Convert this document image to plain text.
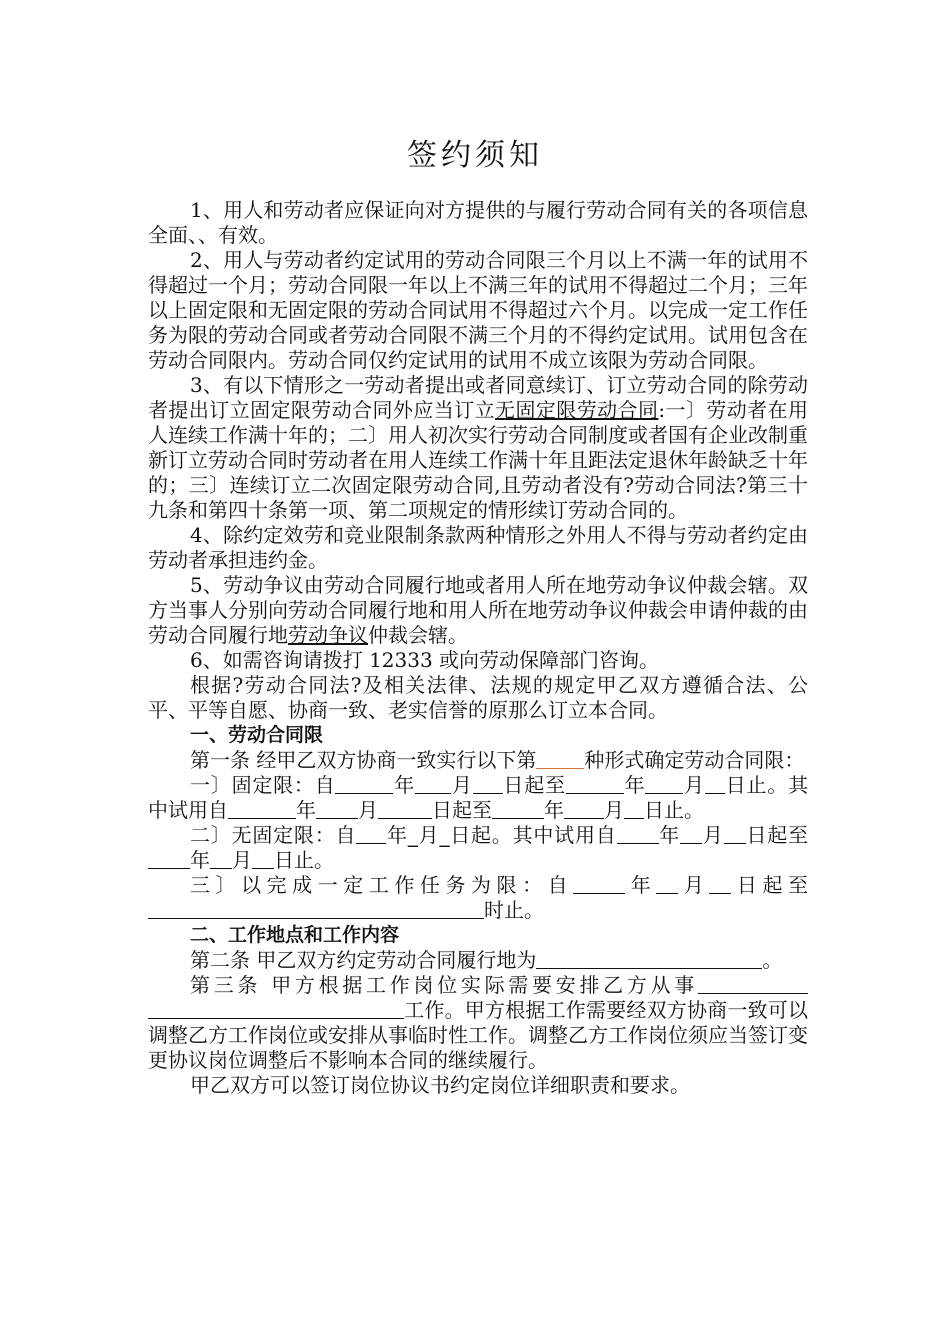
签约须知

1、用人和劳动者应保证向对方提供的与履行劳动合同有关的各项信息全面、、有效。

2、用人与劳动者约定试用的劳动合同限三个月以上不满一年的试用不得超过一个月；劳动合同限一年以上不满三年的试用不得超过二个月；三年以上固定限和无固定限的劳动合同试用不得超过六个月。以完成一定工作任务为限的劳动合同或者劳动合同限不满三个月的不得约定试用。试用包含在劳动合同限内。劳动合同仅约定试用的试用不成立该限为劳动合同限。

3、有以下情形之一劳动者提出或者同意续订、订立劳动合同的除劳动者提出订立固定限劳动合同外应当订立无固定限劳动合同:一〕劳动者在用人连续工作满十年的；二〕用人初次实行劳动合同制度或者国有企业改制重新订立劳动合同时劳动者在用人连续工作满十年且距法定退休年龄缺乏十年的；三〕连续订立二次固定限劳动合同,且劳动者没有?劳动合同法?第三十九条和第四十条第一项、第二项规定的情形续订劳动合同的。

4、除约定效劳和竞业限制条款两种情形之外用人不得与劳动者约定由劳动者承担违约金。

5、劳动争议由劳动合同履行地或者用人所在地劳动争议仲裁会辖。双方当事人分别向劳动合同履行地和用人所在地劳动争议仲裁会申请仲裁的由劳动合同履行地劳动争议仲裁会辖。

6、如需咨询请拨打 12333 或向劳动保障部门咨询。

根据?劳动合同法?及相关法律、法规的规定甲乙双方遵循合法、公平、平等自愿、协商一致、老实信誉的原那么订立本合同。

一、劳动合同限

第一条 经甲乙双方协商一致实行以下第 种形式确定劳动合同限：

一〕固定限：自	年 月 日起至	年 月 日止。其中试用自	年 月	日起至	年 月 日止。

二〕无固定限：自 年_月_日起。其中试用自 年 月 日起至年 月 日止。

三〕以完成一定工作任务为限：自	年 月 日起至时止。

二、工作地点和工作内容

第二条 甲乙双方约定劳动合同履行地为	。

第三条 甲方根据工作岗位实际需要安排乙方从事工作。甲方根据工作需要经双方协商一致可以调整乙方工作岗位或安排从事临时性工作。调整乙方工作岗位须应当签订变更协议岗位调整后不影响本合同的继续履行。

甲乙双方可以签订岗位协议书约定岗位详细职责和要求。
